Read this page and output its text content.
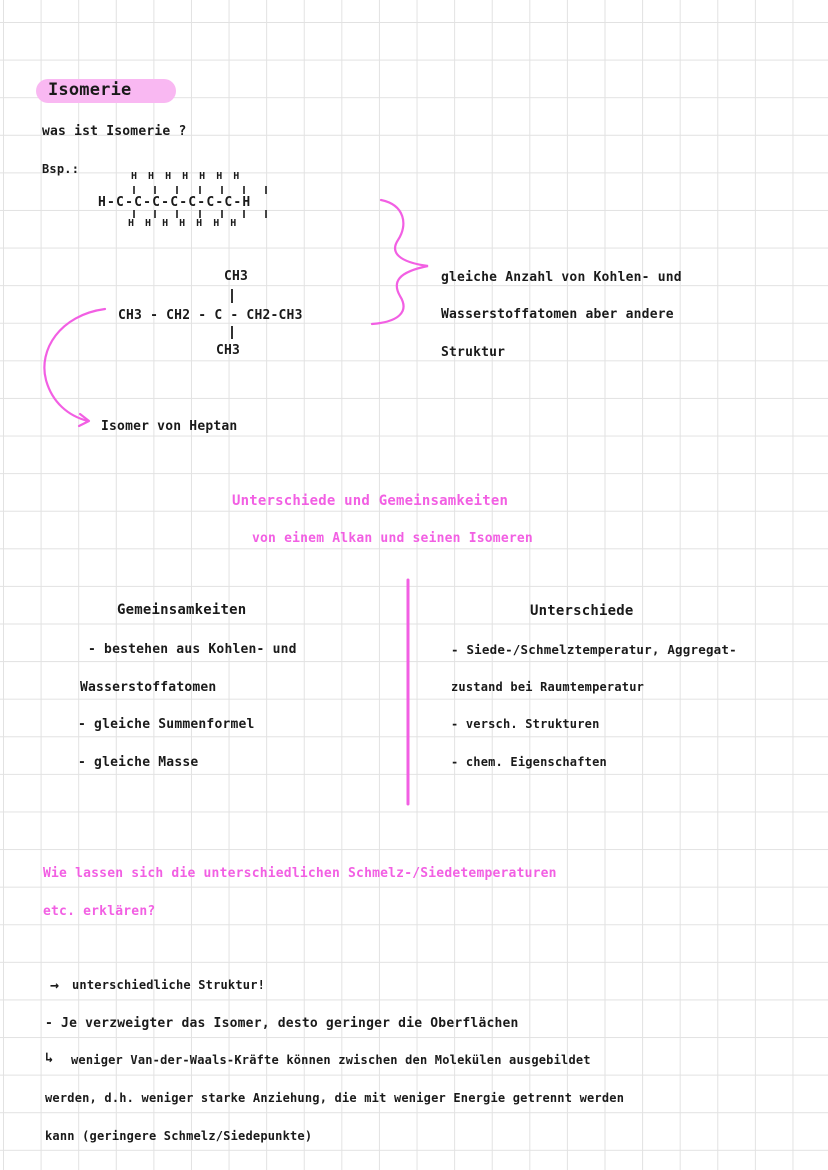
Isomerie
was ist Isomerie ?
Bsp.:
H H H H H H H
H-C-C-C-C-C-C-C-H
H H H H H H H
CH3
CH3 - CH2 - C - CH2-CH3
CH3
Isomer von Heptan
gleiche Anzahl von Kohlen- und
Wasserstoffatomen aber andere
Struktur
Unterschiede und Gemeinsamkeiten
von einem Alkan und seinen Isomeren
Gemeinsamkeiten
- bestehen aus Kohlen- und
Wasserstoffatomen
- gleiche Summenformel
- gleiche Masse
Unterschiede
- Siede-/Schmelztemperatur, Aggregat-
zustand bei Raumtemperatur
- versch. Strukturen
- chem. Eigenschaften
Wie lassen sich die unterschiedlichen Schmelz-/Siedetemperaturen
etc. erklären?
→ unterschiedliche Struktur!
- Je verzweigter das Isomer, desto geringer die Oberflächen
↳ weniger Van-der-Waals-Kräfte können zwischen den Molekülen ausgebildet
werden, d.h. weniger starke Anziehung, die mit weniger Energie getrennt werden
kann (geringere Schmelz/Siedepunkte)
